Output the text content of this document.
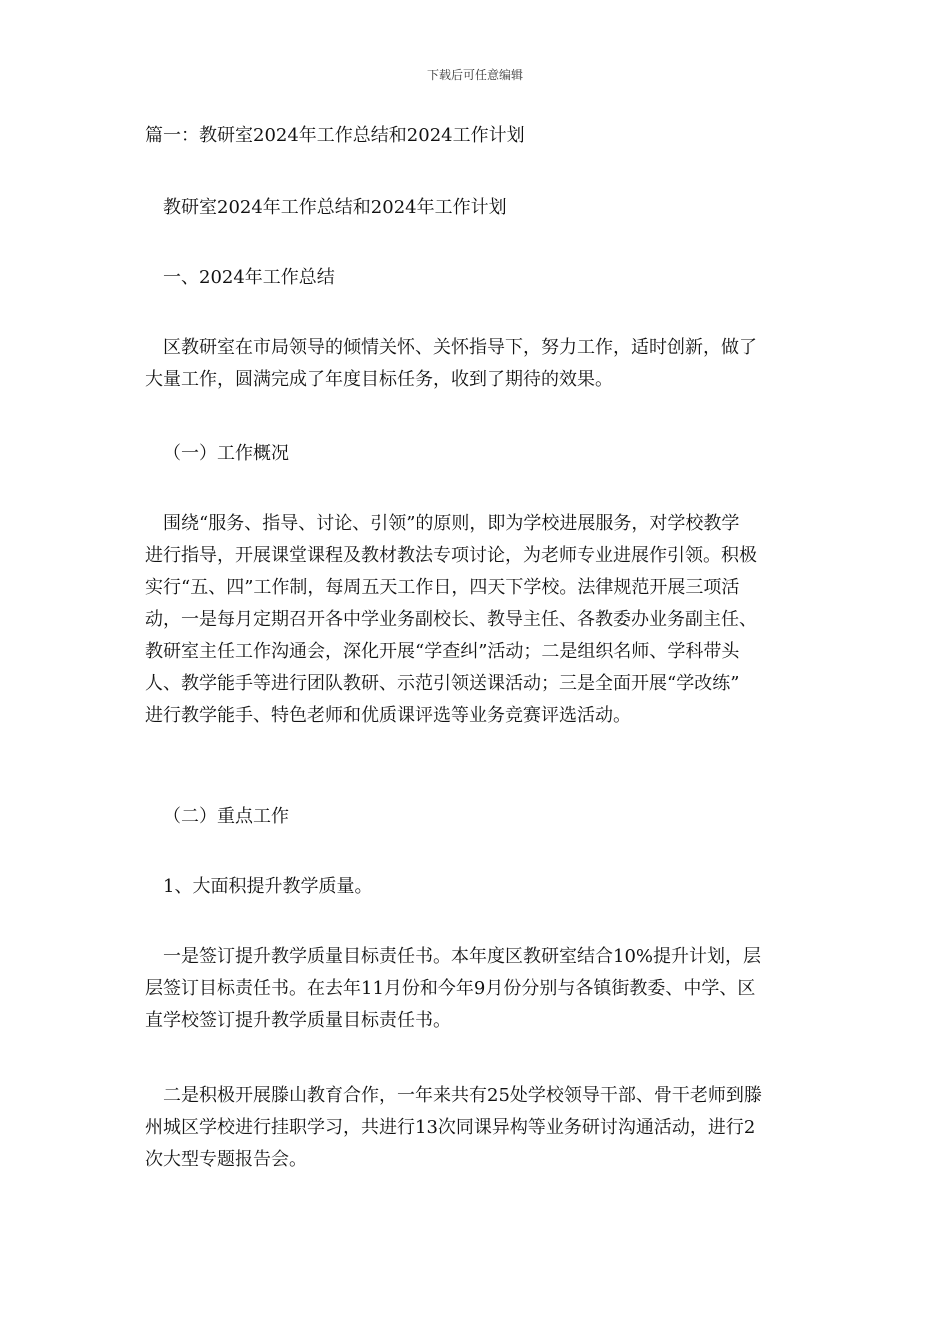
下载后可任意编辑

篇一：教研室2024年工作总结和2024工作计划

教研室2024年工作总结和2024年工作计划

一、2024年工作总结

区教研室在市局领导的倾情关怀、关怀指导下，努力工作，适时创新，做了

大量工作，圆满完成了年度目标任务，收到了期待的效果。

（一）工作概况

围绕“服务、指导、讨论、引领”的原则，即为学校进展服务，对学校教学

进行指导，开展课堂课程及教材教法专项讨论，为老师专业进展作引领。积极

实行“五、四”工作制，每周五天工作日，四天下学校。法律规范开展三项活

动，一是每月定期召开各中学业务副校长、教导主任、各教委办业务副主任、

教研室主任工作沟通会，深化开展“学查纠”活动；二是组织名师、学科带头

人、教学能手等进行团队教研、示范引领送课活动；三是全面开展“学改练”

进行教学能手、特色老师和优质课评选等业务竞赛评选活动。

（二）重点工作

1、大面积提升教学质量。

一是签订提升教学质量目标责任书。本年度区教研室结合10%提升计划，层

层签订目标责任书。在去年11月份和今年9月份分别与各镇街教委、中学、区

直学校签订提升教学质量目标责任书。

二是积极开展滕山教育合作，一年来共有25处学校领导干部、骨干老师到滕

州城区学校进行挂职学习，共进行13次同课异构等业务研讨沟通活动，进行2

次大型专题报告会。
